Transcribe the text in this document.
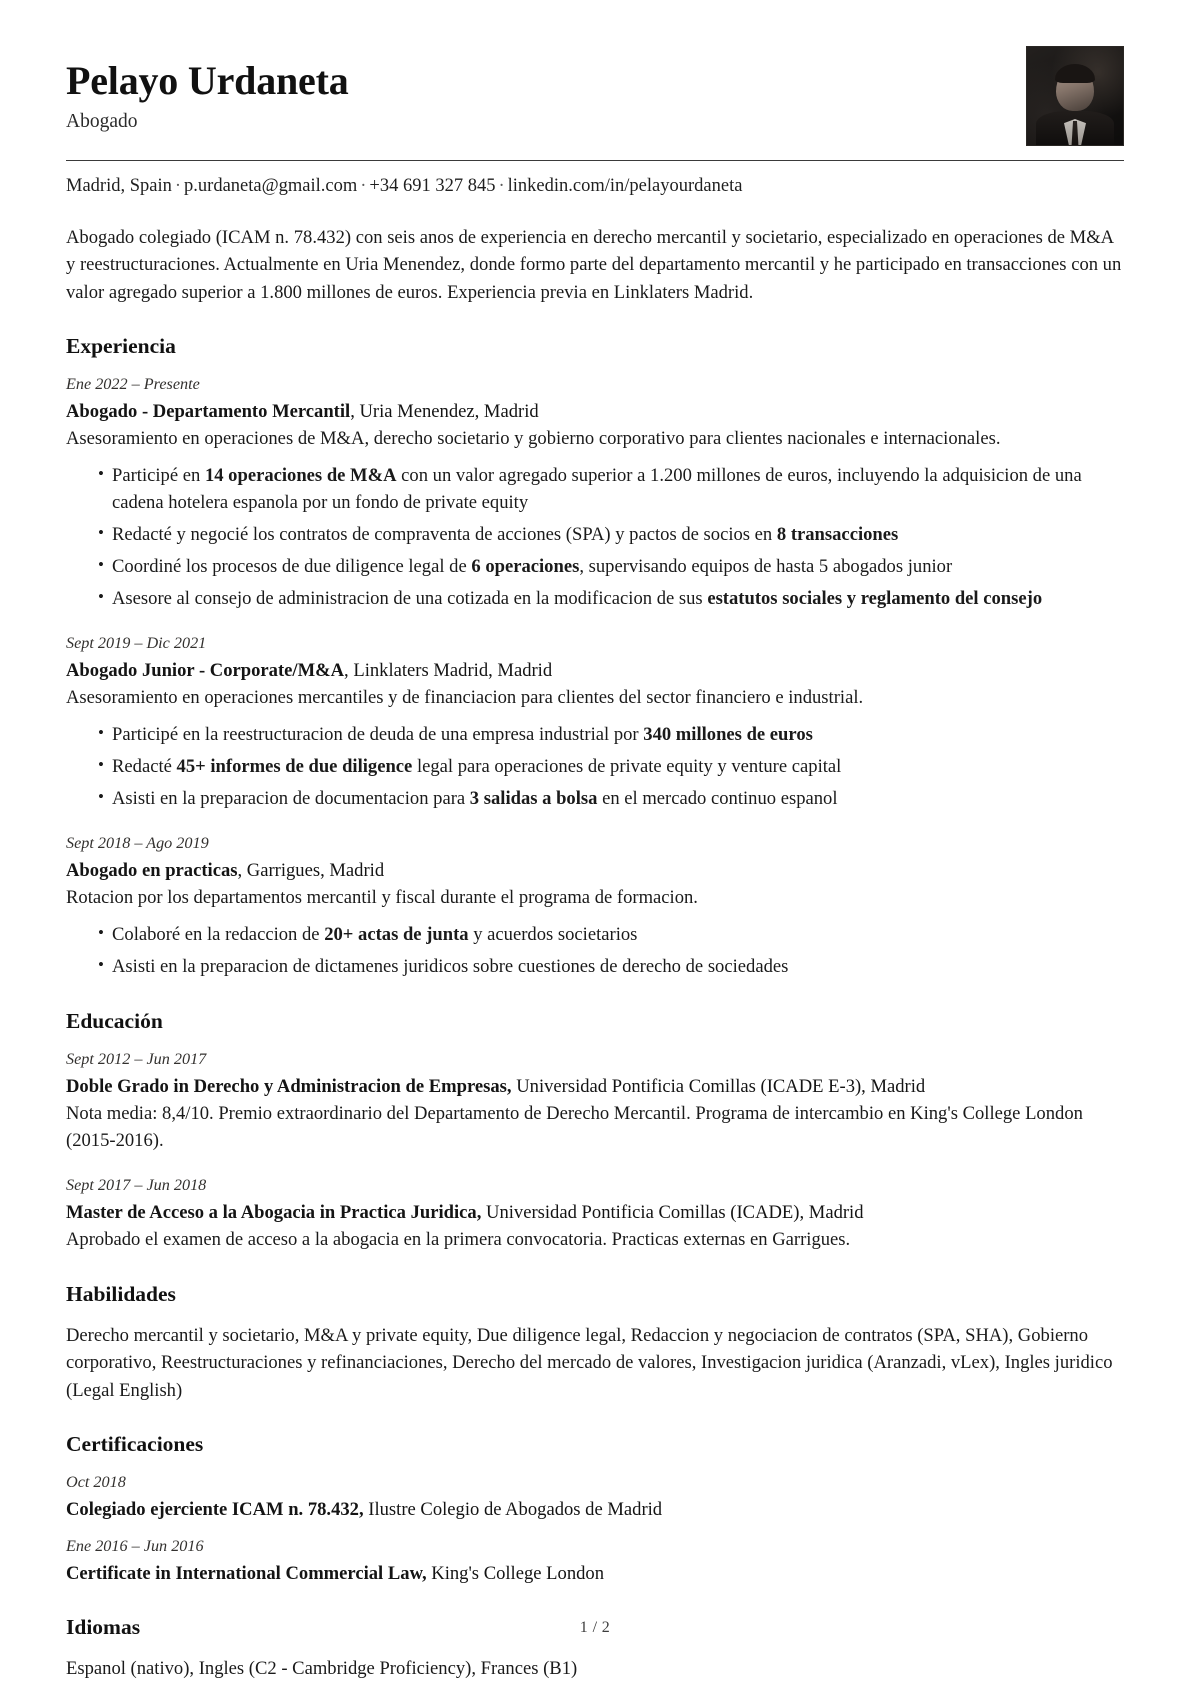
Pelayo Urdaneta
Abogado
Madrid, Spain · p.urdaneta@gmail.com · +34 691 327 845 · linkedin.com/in/pelayourdaneta
Abogado colegiado (ICAM n. 78.432) con seis anos de experiencia en derecho mercantil y societario, especializado en operaciones de M&A y reestructuraciones. Actualmente en Uria Menendez, donde formo parte del departamento mercantil y he participado en transacciones con un valor agregado superior a 1.800 millones de euros. Experiencia previa en Linklaters Madrid.
Experiencia
Ene 2022 – Presente
Abogado - Departamento Mercantil, Uria Menendez, Madrid
Asesoramiento en operaciones de M&A, derecho societario y gobierno corporativo para clientes nacionales e internacionales.
• Participé en 14 operaciones de M&A con un valor agregado superior a 1.200 millones de euros, incluyendo la adquisicion de una cadena hotelera espanola por un fondo de private equity
• Redacté y negocié los contratos de compraventa de acciones (SPA) y pactos de socios en 8 transacciones
• Coordiné los procesos de due diligence legal de 6 operaciones, supervisando equipos de hasta 5 abogados junior
• Asesore al consejo de administracion de una cotizada en la modificacion de sus estatutos sociales y reglamento del consejo
Sept 2019 – Dic 2021
Abogado Junior - Corporate/M&A, Linklaters Madrid, Madrid
Asesoramiento en operaciones mercantiles y de financiacion para clientes del sector financiero e industrial.
• Participé en la reestructuracion de deuda de una empresa industrial por 340 millones de euros
• Redacté 45+ informes de due diligence legal para operaciones de private equity y venture capital
• Asisti en la preparacion de documentacion para 3 salidas a bolsa en el mercado continuo espanol
Sept 2018 – Ago 2019
Abogado en practicas, Garrigues, Madrid
Rotacion por los departamentos mercantil y fiscal durante el programa de formacion.
• Colaboré en la redaccion de 20+ actas de junta y acuerdos societarios
• Asisti en la preparacion de dictamenes juridicos sobre cuestiones de derecho de sociedades
Educación
Sept 2012 – Jun 2017
Doble Grado in Derecho y Administracion de Empresas, Universidad Pontificia Comillas (ICADE E-3), Madrid
Nota media: 8,4/10. Premio extraordinario del Departamento de Derecho Mercantil. Programa de intercambio en King's College London (2015-2016).
Sept 2017 – Jun 2018
Master de Acceso a la Abogacia in Practica Juridica, Universidad Pontificia Comillas (ICADE), Madrid
Aprobado el examen de acceso a la abogacia en la primera convocatoria. Practicas externas en Garrigues.
Habilidades
Derecho mercantil y societario, M&A y private equity, Due diligence legal, Redaccion y negociacion de contratos (SPA, SHA), Gobierno corporativo, Reestructuraciones y refinanciaciones, Derecho del mercado de valores, Investigacion juridica (Aranzadi, vLex), Ingles juridico (Legal English)
Certificaciones
Oct 2018
Colegiado ejerciente ICAM n. 78.432, Ilustre Colegio de Abogados de Madrid
Ene 2016 – Jun 2016
Certificate in International Commercial Law, King's College London
Idiomas
Espanol (nativo), Ingles (C2 - Cambridge Proficiency), Frances (B1)
1 / 2
